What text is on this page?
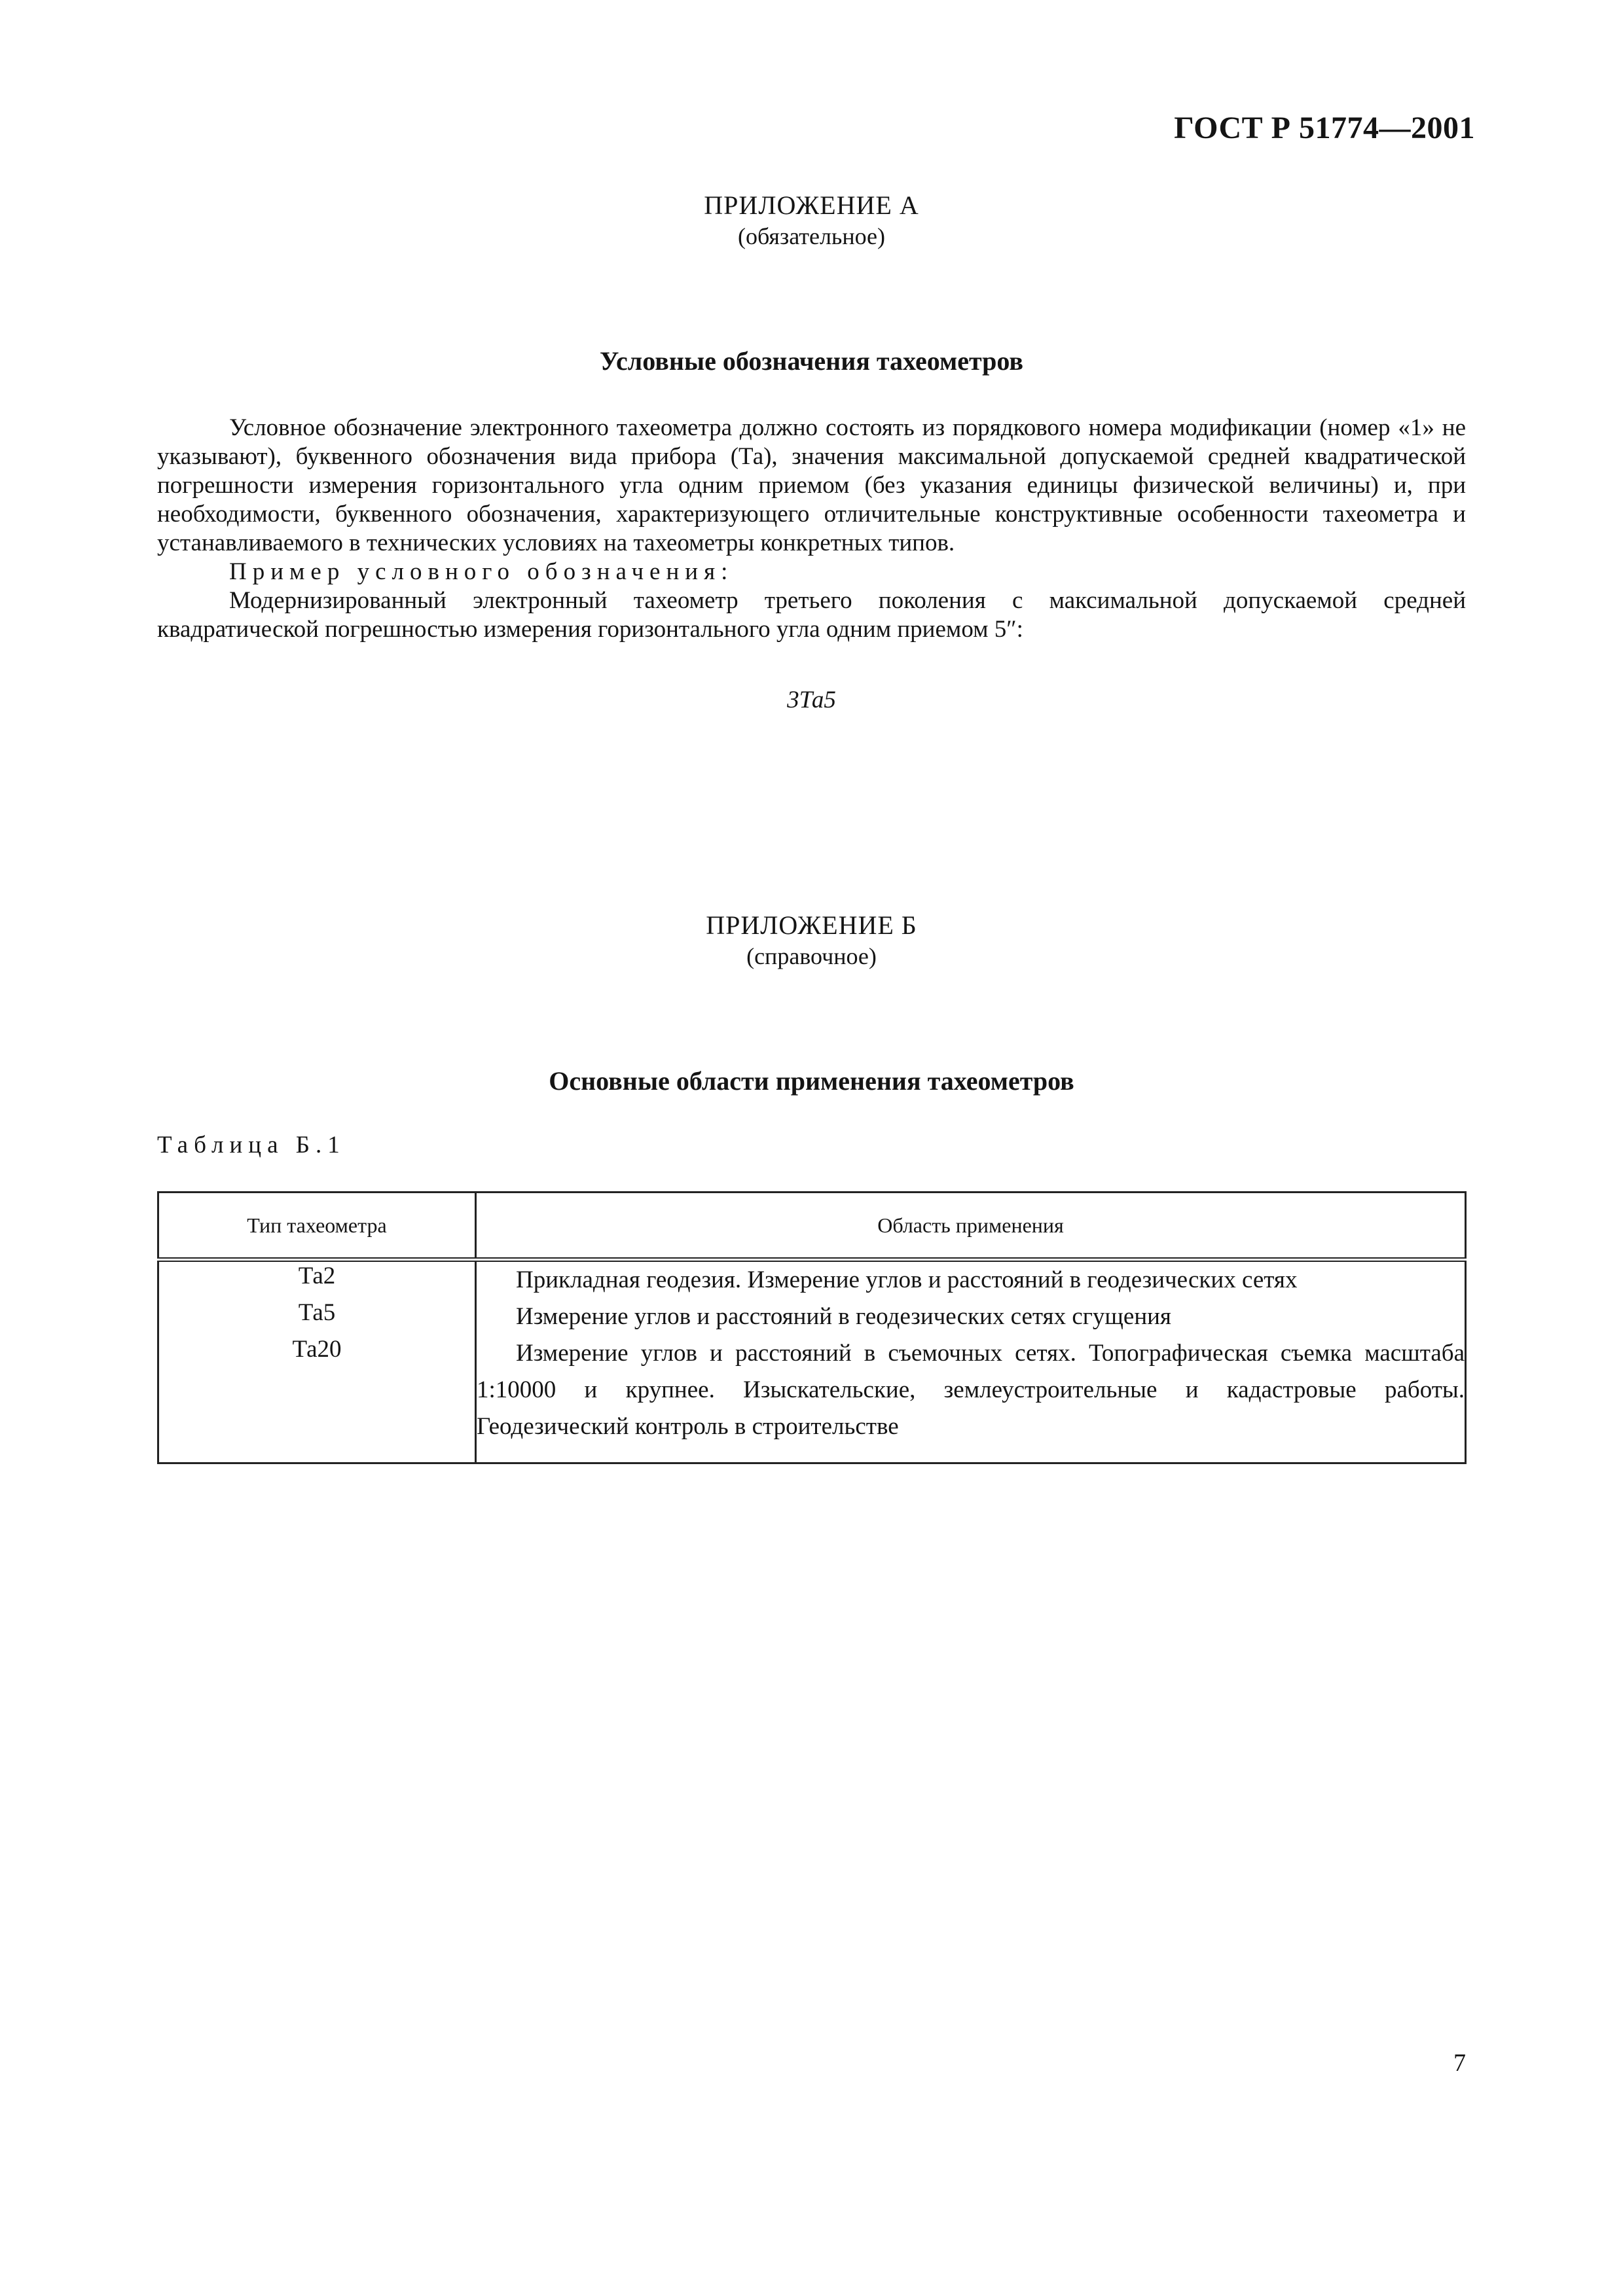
ГОСТ Р 51774—2001
ПРИЛОЖЕНИЕ А
(обязательное)
Условные обозначения тахеометров

Условное обозначение электронного тахеометра должно состоять из порядкового номера модификации (номер «1» не указывают), буквенного обозначения вида прибора (Та), значения максимальной допускаемой средней квадратической погрешности измерения горизонтального угла одним приемом (без указания единицы физической величины) и, при необходимости, буквенного обозначения, характеризующего отличительные конструктивные особенности тахеометра и устанавливаемого в технических условиях на тахеометры конкретных типов.

Пример условного обозначения:

Модернизированный электронный тахеометр третьего поколения с максимальной допускаемой средней квадратической погрешностью измерения горизонтального угла одним приемом 5″:

3Та5
ПРИЛОЖЕНИЕ Б
(справочное)
Основные области применения тахеометров
Таблица Б.1
Тип тахеометра	Область применения
Та2	Прикладная геодезия. Измерение углов и расстояний в геодезических сетях

Та5	Измерение углов и расстояний в геодезических сетях сгущения

Та20	Измерение углов и расстояний в съемочных сетях. Топографическая съемка масштаба 1:10000 и крупнее. Изыскательские, землеустроительные и кадастровые работы. Геодезический контроль в строительстве
7
